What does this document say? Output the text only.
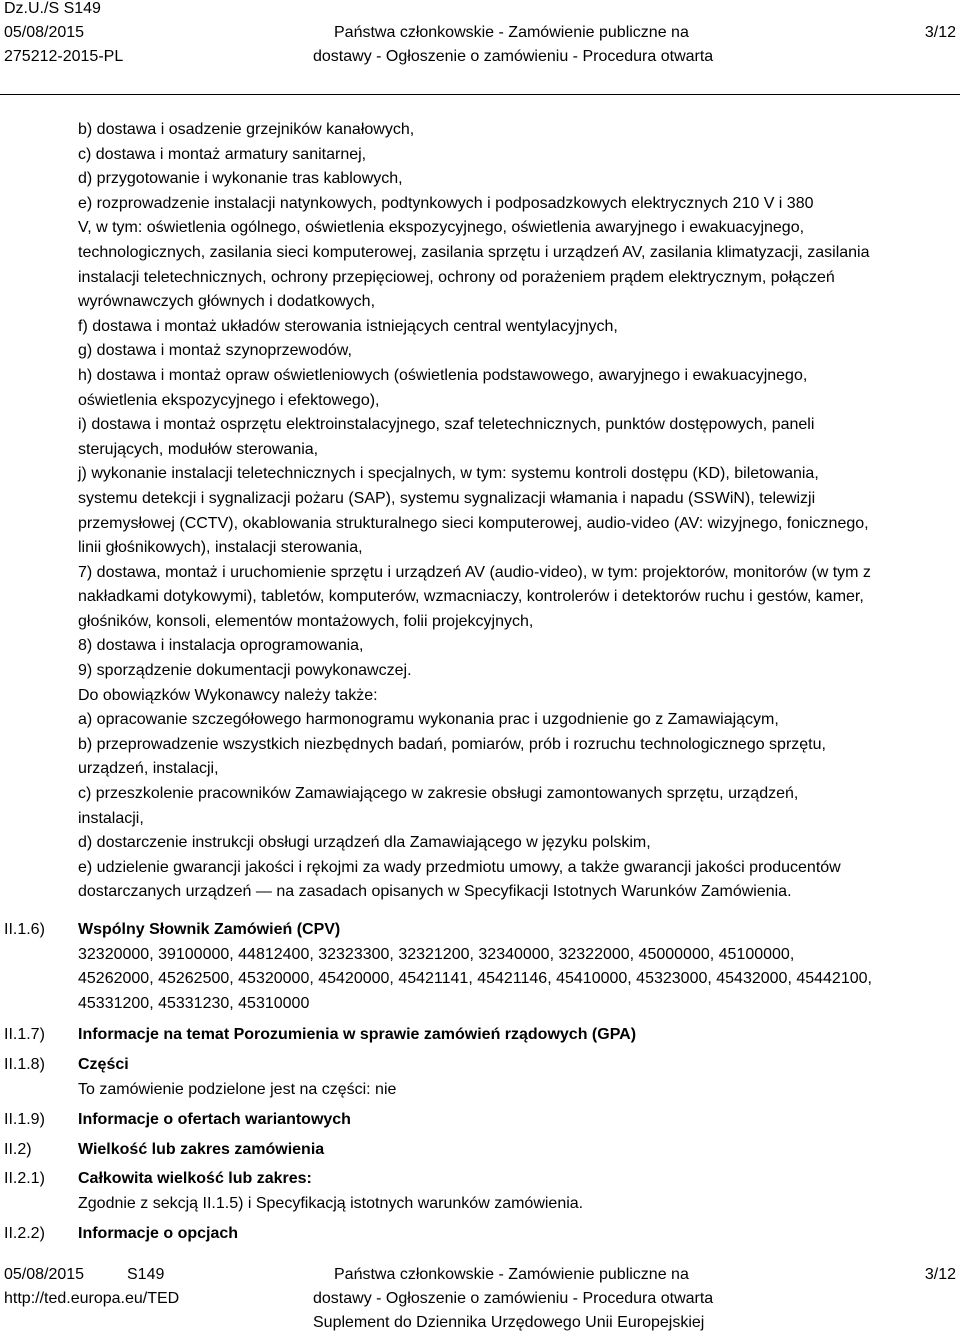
Dz.U./S S149
05/08/2015
275212-2015-PL
Państwa członkowskie - Zamówienie publiczne na
dostawy - Ogłoszenie o zamówieniu - Procedura otwarta
3/12

b) dostawa i osadzenie grzejników kanałowych,

c) dostawa i montaż armatury sanitarnej,

d) przygotowanie i wykonanie tras kablowych,

e) rozprowadzenie instalacji natynkowych, podtynkowych i podposadzkowych elektrycznych 210 V i 380

V, w tym: oświetlenia ogólnego, oświetlenia ekspozycyjnego, oświetlenia awaryjnego i ewakuacyjnego,

technologicznych, zasilania sieci komputerowej, zasilania sprzętu i urządzeń AV, zasilania klimatyzacji, zasilania

instalacji teletechnicznych, ochrony przepięciowej, ochrony od porażeniem prądem elektrycznym, połączeń

wyrównawczych głównych i dodatkowych,

f) dostawa i montaż układów sterowania istniejących central wentylacyjnych,

g) dostawa i montaż szynoprzewodów,

h) dostawa i montaż opraw oświetleniowych (oświetlenia podstawowego, awaryjnego i ewakuacyjnego,

oświetlenia ekspozycyjnego i efektowego),

i) dostawa i montaż osprzętu elektroinstalacyjnego, szaf teletechnicznych, punktów dostępowych, paneli

sterujących, modułów sterowania,

j) wykonanie instalacji teletechnicznych i specjalnych, w tym: systemu kontroli dostępu (KD), biletowania,

systemu detekcji i sygnalizacji pożaru (SAP), systemu sygnalizacji włamania i napadu (SSWiN), telewizji

przemysłowej (CCTV), okablowania strukturalnego sieci komputerowej, audio-video (AV: wizyjnego, fonicznego,

linii głośnikowych), instalacji sterowania,

7) dostawa, montaż i uruchomienie sprzętu i urządzeń AV (audio-video), w tym: projektorów, monitorów (w tym z

nakładkami dotykowymi), tabletów, komputerów, wzmacniaczy, kontrolerów i detektorów ruchu i gestów, kamer,

głośników, konsoli, elementów montażowych, folii projekcyjnych,

8) dostawa i instalacja oprogramowania,

9) sporządzenie dokumentacji powykonawczej.

Do obowiązków Wykonawcy należy także:

a) opracowanie szczegółowego harmonogramu wykonania prac i uzgodnienie go z Zamawiającym,

b) przeprowadzenie wszystkich niezbędnych badań, pomiarów, prób i rozruchu technologicznego sprzętu,

urządzeń, instalacji,

c) przeszkolenie pracowników Zamawiającego w zakresie obsługi zamontowanych sprzętu, urządzeń,

instalacji,

d) dostarczenie instrukcji obsługi urządzeń dla Zamawiającego w języku polskim,

e) udzielenie gwarancji jakości i rękojmi za wady przedmiotu umowy, a także gwarancji jakości producentów

dostarczanych urządzeń — na zasadach opisanych w Specyfikacji Istotnych Warunków Zamówienia.

II.1.6)	Wspólny Słownik Zamówień (CPV)

32320000, 39100000, 44812400, 32323300, 32321200, 32340000, 32322000, 45000000, 45100000,

45262000, 45262500, 45320000, 45420000, 45421141, 45421146, 45410000, 45323000, 45432000, 45442100,

45331200, 45331230, 45310000

II.1.7)	Informacje na temat Porozumienia w sprawie zamówień rządowych (GPA)

II.1.8)	Części

To zamówienie podzielone jest na części: nie

II.1.9)	Informacje o ofertach wariantowych

II.2)	Wielkość lub zakres zamówienia

II.2.1)	Całkowita wielkość lub zakres:

Zgodnie z sekcją II.1.5) i Specyfikacją istotnych warunków zamówienia.

II.2.2)	Informacje o opcjach

05/08/2015	S149
http://ted.europa.eu/TED
Państwa członkowskie - Zamówienie publiczne na
dostawy - Ogłoszenie o zamówieniu - Procedura otwarta
Suplement do Dziennika Urzędowego Unii Europejskiej
3/12
